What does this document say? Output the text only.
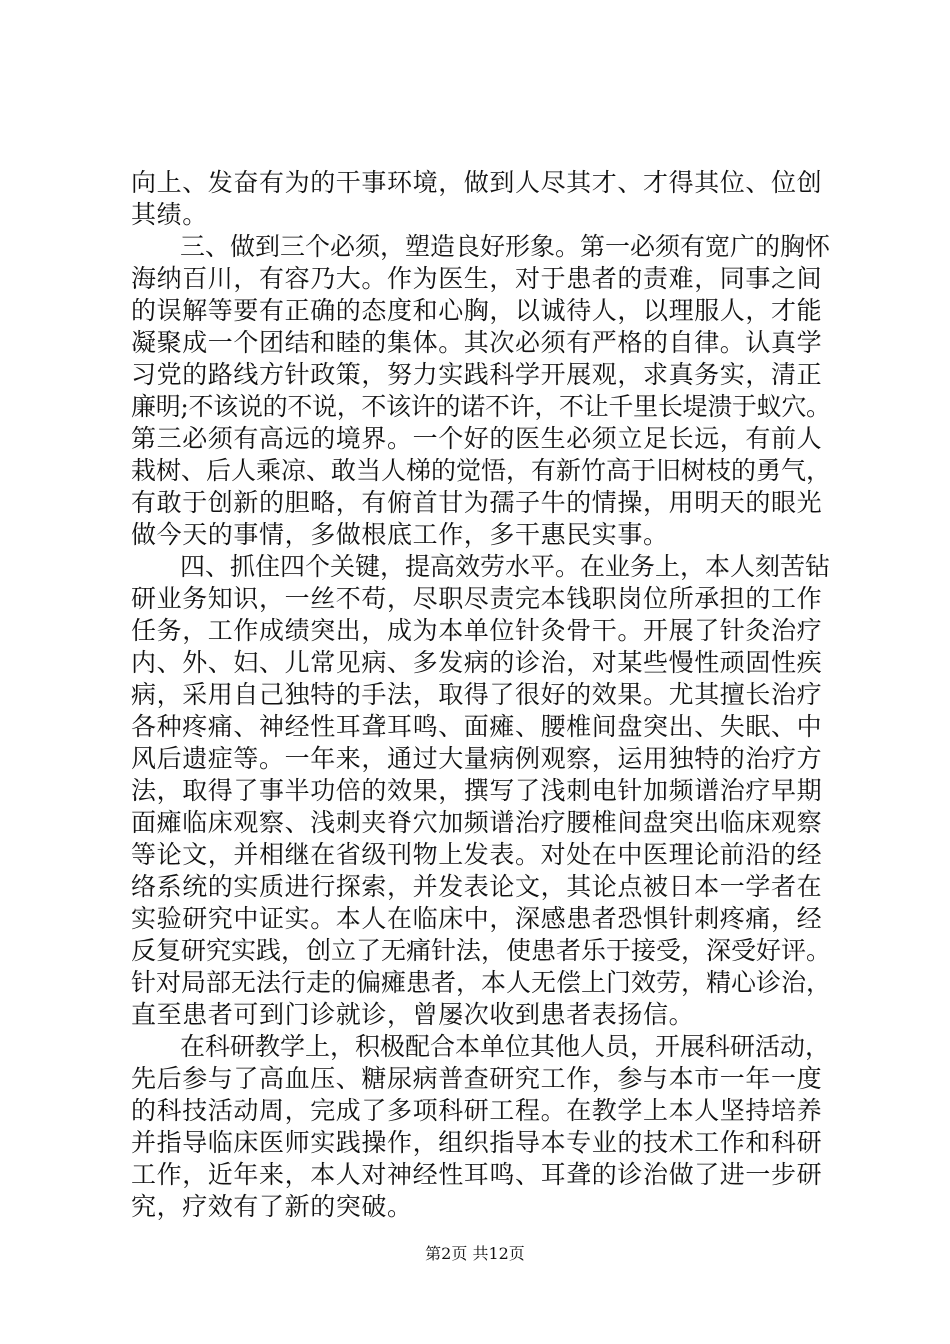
向上、发奋有为的干事环境，做到人尽其才、才得其位、位创
其绩。
三、做到三个必须，塑造良好形象。第一必须有宽广的胸怀
海纳百川，有容乃大。作为医生，对于患者的责难，同事之间
的误解等要有正确的态度和心胸，以诚待人，以理服人，才能
凝聚成一个团结和睦的集体。其次必须有严格的自律。认真学
习党的路线方针政策，努力实践科学开展观，求真务实，清正
廉明;不该说的不说，不该许的诺不许，不让千里长堤溃于蚁穴。
第三必须有高远的境界。一个好的医生必须立足长远，有前人
栽树、后人乘凉、敢当人梯的觉悟，有新竹高于旧树枝的勇气，
有敢于创新的胆略，有俯首甘为孺子牛的情操，用明天的眼光
做今天的事情，多做根底工作，多干惠民实事。
四、抓住四个关键，提高效劳水平。在业务上，本人刻苦钻
研业务知识，一丝不苟，尽职尽责完本钱职岗位所承担的工作
任务，工作成绩突出，成为本单位针灸骨干。开展了针灸治疗
内、外、妇、儿常见病、多发病的诊治，对某些慢性顽固性疾
病，采用自己独特的手法，取得了很好的效果。尤其擅长治疗
各种疼痛、神经性耳聋耳鸣、面瘫、腰椎间盘突出、失眠、中
风后遗症等。一年来，通过大量病例观察，运用独特的治疗方
法，取得了事半功倍的效果，撰写了浅刺电针加频谱治疗早期
面瘫临床观察、浅刺夹脊穴加频谱治疗腰椎间盘突出临床观察
等论文，并相继在省级刊物上发表。对处在中医理论前沿的经
络系统的实质进行探索，并发表论文，其论点被日本一学者在
实验研究中证实。本人在临床中，深感患者恐惧针刺疼痛，经
反复研究实践，创立了无痛针法，使患者乐于接受，深受好评。
针对局部无法行走的偏瘫患者，本人无偿上门效劳，精心诊治，
直至患者可到门诊就诊，曾屡次收到患者表扬信。
在科研教学上，积极配合本单位其他人员，开展科研活动，
先后参与了高血压、糖尿病普查研究工作，参与本市一年一度
的科技活动周，完成了多项科研工程。在教学上本人坚持培养
并指导临床医师实践操作，组织指导本专业的技术工作和科研
工作，近年来，本人对神经性耳鸣、耳聋的诊治做了进一步研
究，疗效有了新的突破。
第2页 共12页
